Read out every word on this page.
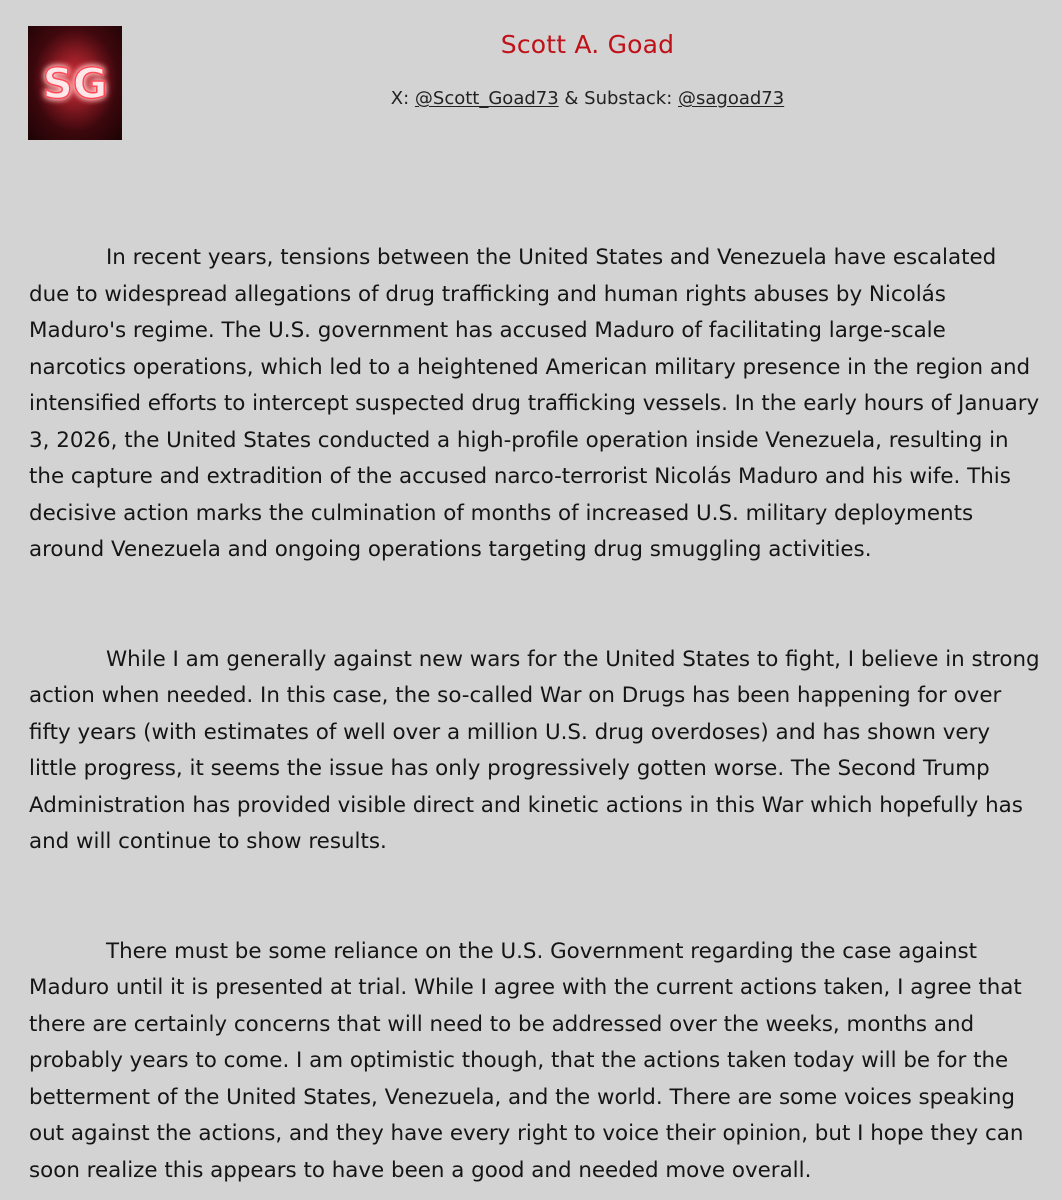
SG
Scott A. Goad
X: @Scott_Goad73 & Substack: @sagoad73

In recent years, tensions between the United States and Venezuela have escalated due to widespread allegations of drug trafficking and human rights abuses by Nicolás Maduro's regime. The U.S. government has accused Maduro of facilitating large-scale narcotics operations, which led to a heightened American military presence in the region and intensified efforts to intercept suspected drug trafficking vessels. In the early hours of January 3, 2026, the United States conducted a high-profile operation inside Venezuela, resulting in the capture and extradition of the accused narco-terrorist Nicolás Maduro and his wife. This decisive action marks the culmination of months of increased U.S. military deployments around Venezuela and ongoing operations targeting drug smuggling activities.

While I am generally against new wars for the United States to fight, I believe in strong action when needed. In this case, the so-called War on Drugs has been happening for over fifty years (with estimates of well over a million U.S. drug overdoses) and has shown very little progress, it seems the issue has only progressively gotten worse. The Second Trump Administration has provided visible direct and kinetic actions in this War which hopefully has and will continue to show results.

There must be some reliance on the U.S. Government regarding the case against Maduro until it is presented at trial. While I agree with the current actions taken, I agree that there are certainly concerns that will need to be addressed over the weeks, months and probably years to come. I am optimistic though, that the actions taken today will be for the betterment of the United States, Venezuela, and the world. There are some voices speaking out against the actions, and they have every right to voice their opinion, but I hope they can soon realize this appears to have been a good and needed move overall.
